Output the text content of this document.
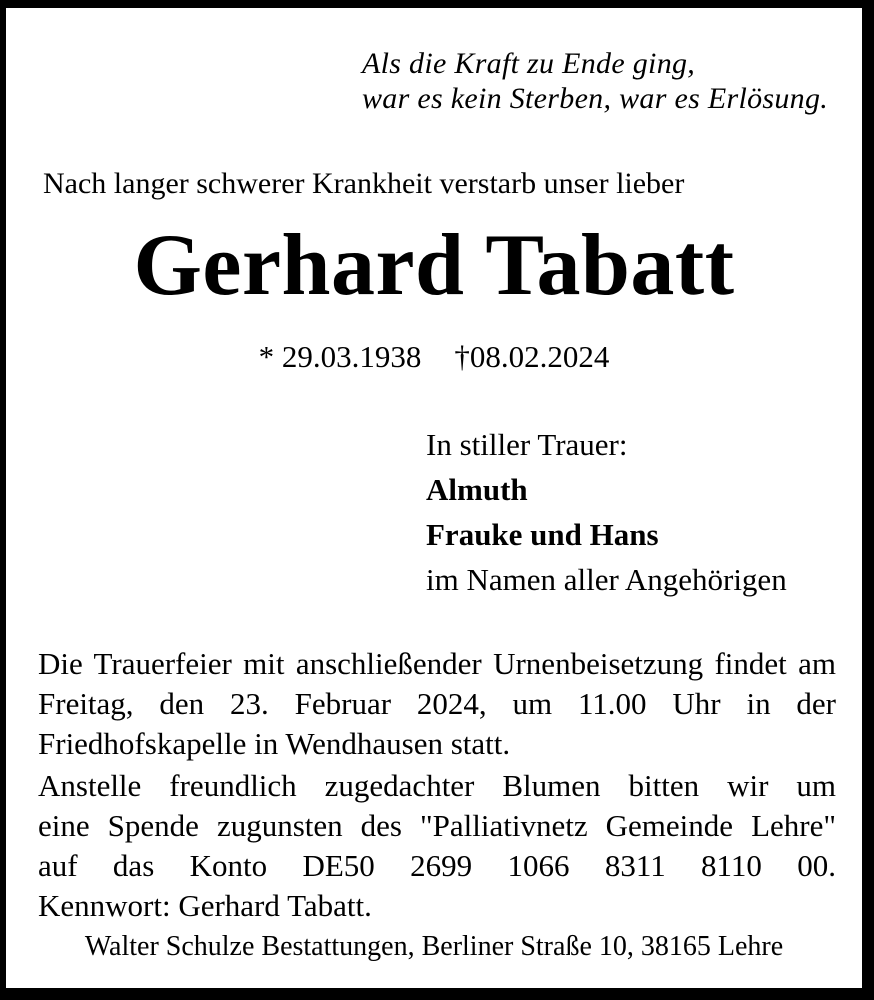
Als die Kraft zu Ende ging,
war es kein Sterben, war es Erlösung.
Nach langer schwerer Krankheit verstarb unser lieber
Gerhard Tabatt
* 29.03.1938 †08.02.2024
In stiller Trauer:
Almuth
Frauke und Hans
im Namen aller Angehörigen
Die Trauerfeier mit anschließender Urnenbeisetzung findet am
Freitag, den 23. Februar 2024, um 11.00 Uhr in der
Friedhofskapelle in Wendhausen statt.
Anstelle freundlich zugedachter Blumen bitten wir um
eine Spende zugunsten des "Palliativnetz Gemeinde Lehre"
auf das Konto DE50 2699 1066 8311 8110 00.
Kennwort: Gerhard Tabatt.
Walter Schulze Bestattungen, Berliner Straße 10, 38165 Lehre
